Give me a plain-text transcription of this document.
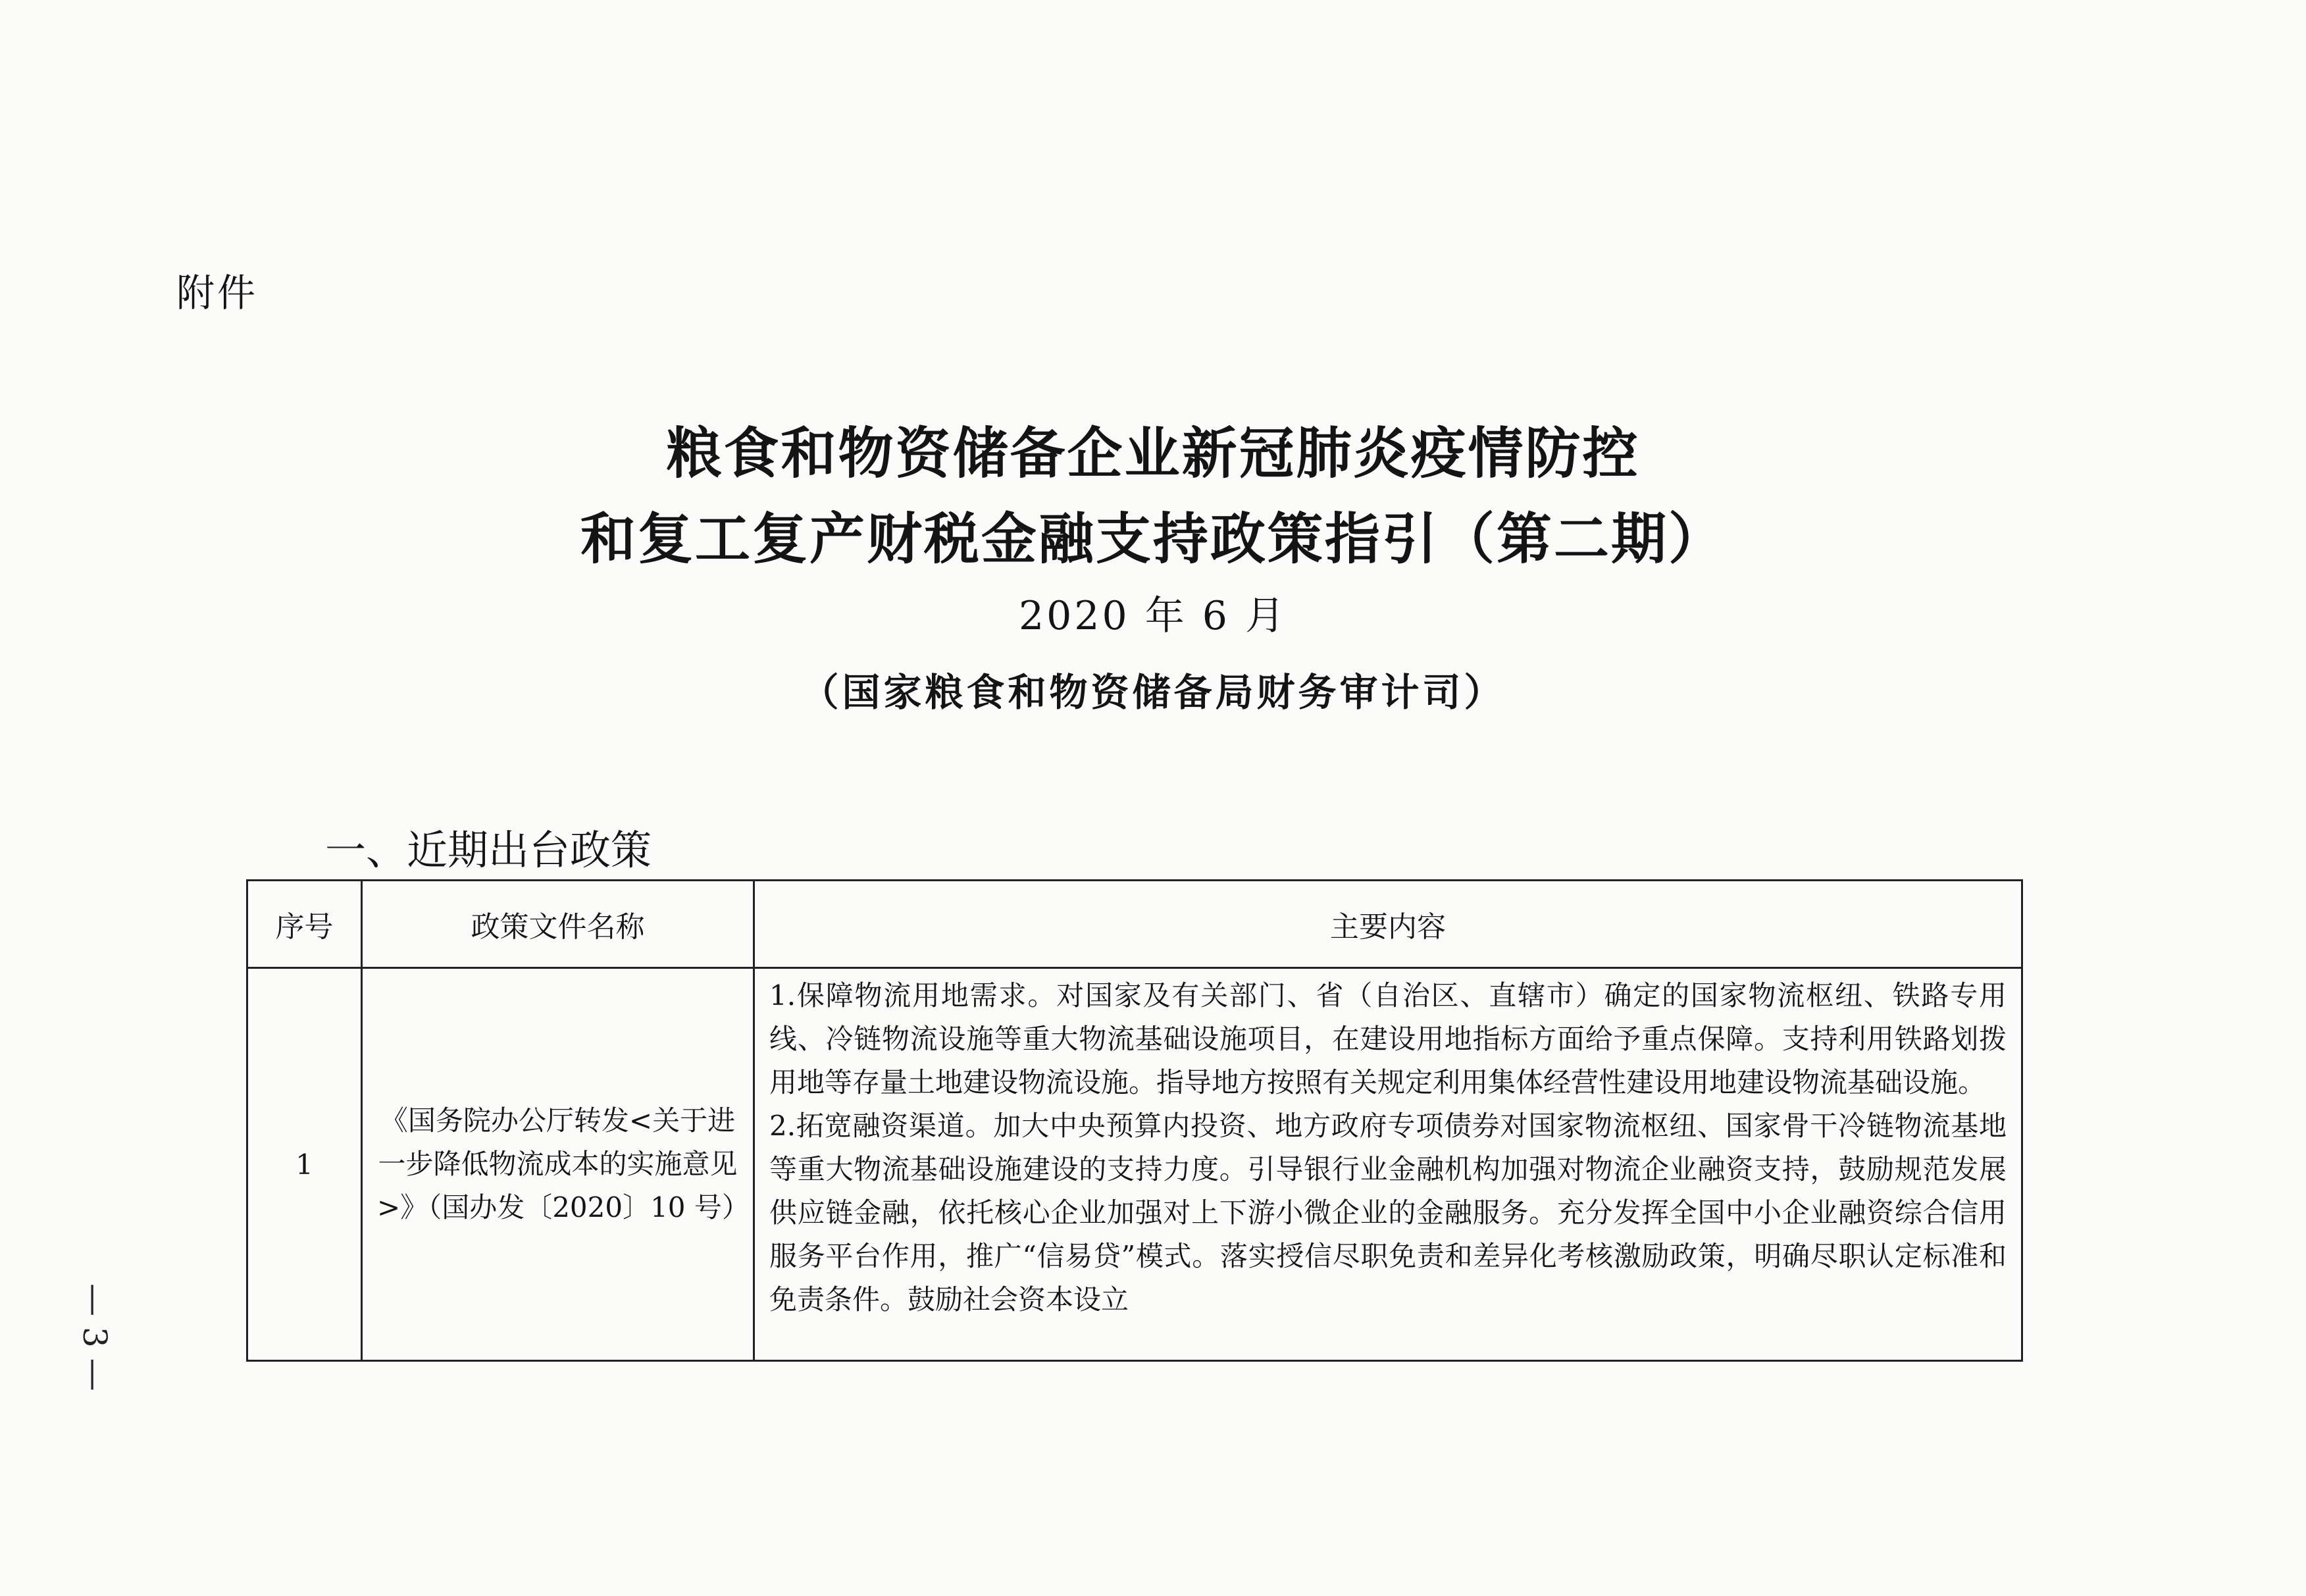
附件
粮食和物资储备企业新冠肺炎疫情防控
和复工复产财税金融支持政策指引（第二期）
2020 年 6 月
（国家粮食和物资储备局财务审计司）
一、近期出台政策
序号	政策文件名称	主要内容
1	《国务院办公厅转发<关于进一步降低物流成本的实施意见>》（国办发〔2020〕10 号）	1.保障物流用地需求。对国家及有关部门、省（自治区、直辖市）确定的国家物流枢纽、铁路专用线、冷链物流设施等重大物流基础设施项目，在建设用地指标方面给予重点保障。支持利用铁路划拨用地等存量土地建设物流设施。指导地方按照有关规定利用集体经营性建设用地建设物流基础设施。

2.拓宽融资渠道。加大中央预算内投资、地方政府专项债券对国家物流枢纽、国家骨干冷链物流基地等重大物流基础设施建设的支持力度。引导银行业金融机构加强对物流企业融资支持，鼓励规范发展供应链金融，依托核心企业加强对上下游小微企业的金融服务。充分发挥全国中小企业融资综合信用服务平台作用，推广“信易贷”模式。落实授信尽职免责和差异化考核激励政策，明确尽职认定标准和免责条件。鼓励社会资本设立

— 3 —
